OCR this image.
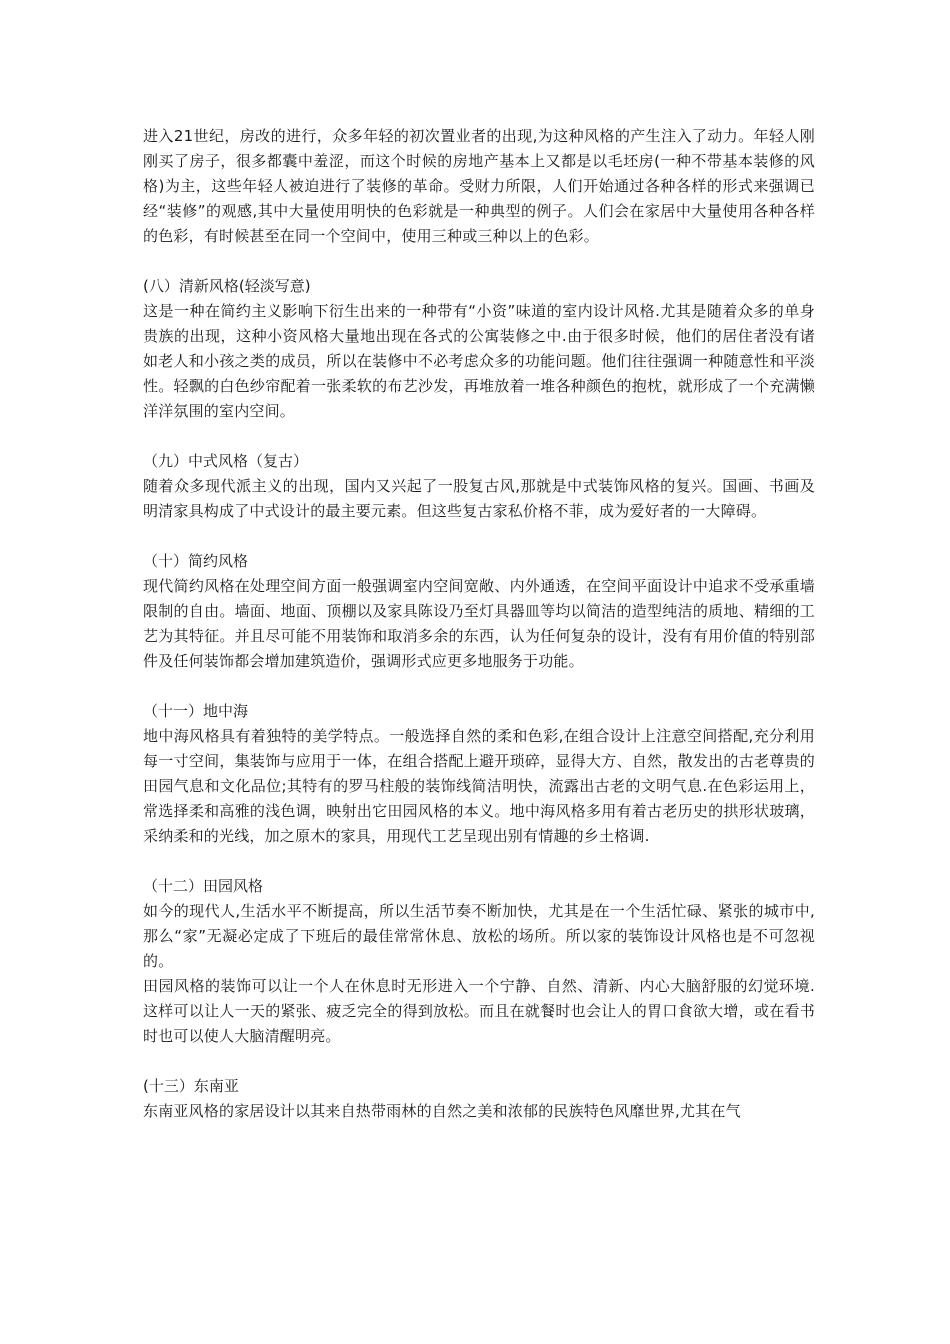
进入21世纪，房改的进行，众多年轻的初次置业者的出现,为这种风格的产生注入了动力。年轻人刚刚买了房子，很多都囊中羞涩，而这个时候的房地产基本上又都是以毛坯房(一种不带基本装修的风格)为主，这些年轻人被迫进行了装修的革命。受财力所限，人们开始通过各种各样的形式来强调已经“装修”的观感,其中大量使用明快的色彩就是一种典型的例子。人们会在家居中大量使用各种各样的色彩，有时候甚至在同一个空间中，使用三种或三种以上的色彩。

(八）清新风格(轻淡写意)

这是一种在简约主义影响下衍生出来的一种带有“小资”味道的室内设计风格.尤其是随着众多的单身贵族的出现，这种小资风格大量地出现在各式的公寓装修之中.由于很多时候，他们的居住者没有诸如老人和小孩之类的成员，所以在装修中不必考虑众多的功能问题。他们往往强调一种随意性和平淡性。轻飘的白色纱帘配着一张柔软的布艺沙发，再堆放着一堆各种颜色的抱枕，就形成了一个充满懒洋洋氛围的室内空间。

（九）中式风格（复古）

随着众多现代派主义的出现，国内又兴起了一股复古风,那就是中式装饰风格的复兴。国画、书画及明清家具构成了中式设计的最主要元素。但这些复古家私价格不菲，成为爱好者的一大障碍。

（十）简约风格

现代简约风格在处理空间方面一般强调室内空间宽敞、内外通透，在空间平面设计中追求不受承重墙限制的自由。墙面、地面、顶棚以及家具陈设乃至灯具器皿等均以简洁的造型纯洁的质地、精细的工艺为其特征。并且尽可能不用装饰和取消多余的东西，认为任何复杂的设计，没有有用价值的特别部件及任何装饰都会增加建筑造价，强调形式应更多地服务于功能。

（十一）地中海

地中海风格具有着独特的美学特点。一般选择自然的柔和色彩,在组合设计上注意空间搭配,充分利用每一寸空间，集装饰与应用于一体，在组合搭配上避开琐碎，显得大方、自然，散发出的古老尊贵的田园气息和文化品位;其特有的罗马柱般的装饰线简洁明快，流露出古老的文明气息.在色彩运用上，常选择柔和高雅的浅色调，映射出它田园风格的本义。地中海风格多用有着古老历史的拱形状玻璃，采纳柔和的光线，加之原木的家具，用现代工艺呈现出别有情趣的乡土格调.

（十二）田园风格

如今的现代人,生活水平不断提高，所以生活节奏不断加快，尤其是在一个生活忙碌、紧张的城市中,那么“家”无凝必定成了下班后的最佳常常休息、放松的场所。所以家的装饰设计风格也是不可忽视的。

田园风格的装饰可以让一个人在休息时无形进入一个宁静、自然、清新、内心大脑舒服的幻觉环境.这样可以让人一天的紧张、疲乏完全的得到放松。而且在就餐时也会让人的胃口食欲大增，或在看书时也可以使人大脑清醒明亮。

(十三）东南亚

东南亚风格的家居设计以其来自热带雨林的自然之美和浓郁的民族特色风靡世界,尤其在气
